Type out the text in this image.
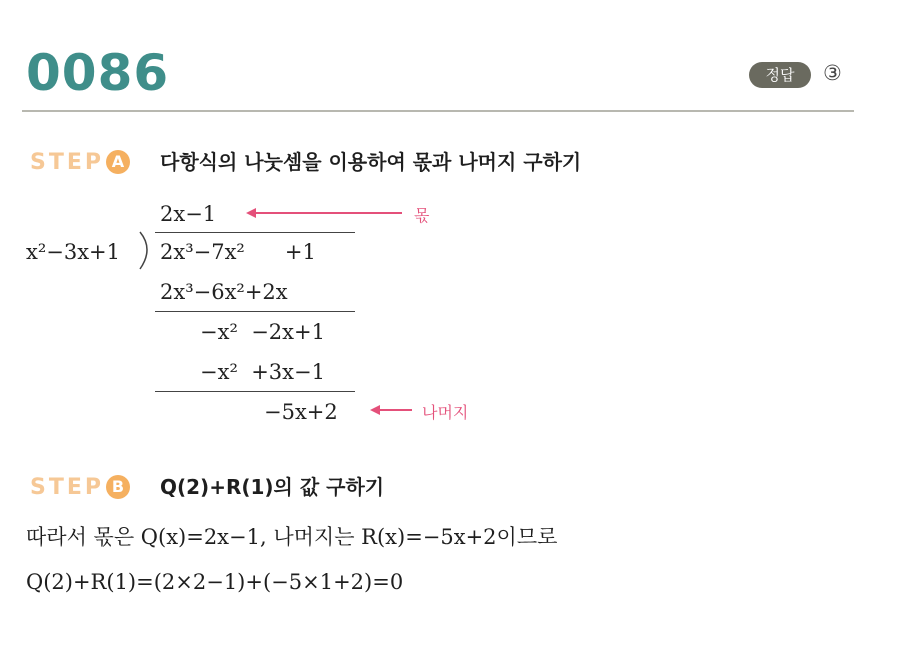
0086	정답	③
STEP A 다항식의 나눗셈을 이용하여 몫과 나머지 구하기
2x−1	몫
x²−3x+1 2x³−7x²      +1
2x³−6x²+2x
−x²  −2x+1
−x²  +3x−1
−5x+2	나머지
STEP B Q(2)+R(1)의 값 구하기
따라서 몫은 Q(x)=2x−1, 나머지는 R(x)=−5x+2이므로
Q(2)+R(1)=(2×2−1)+(−5×1+2)=0
